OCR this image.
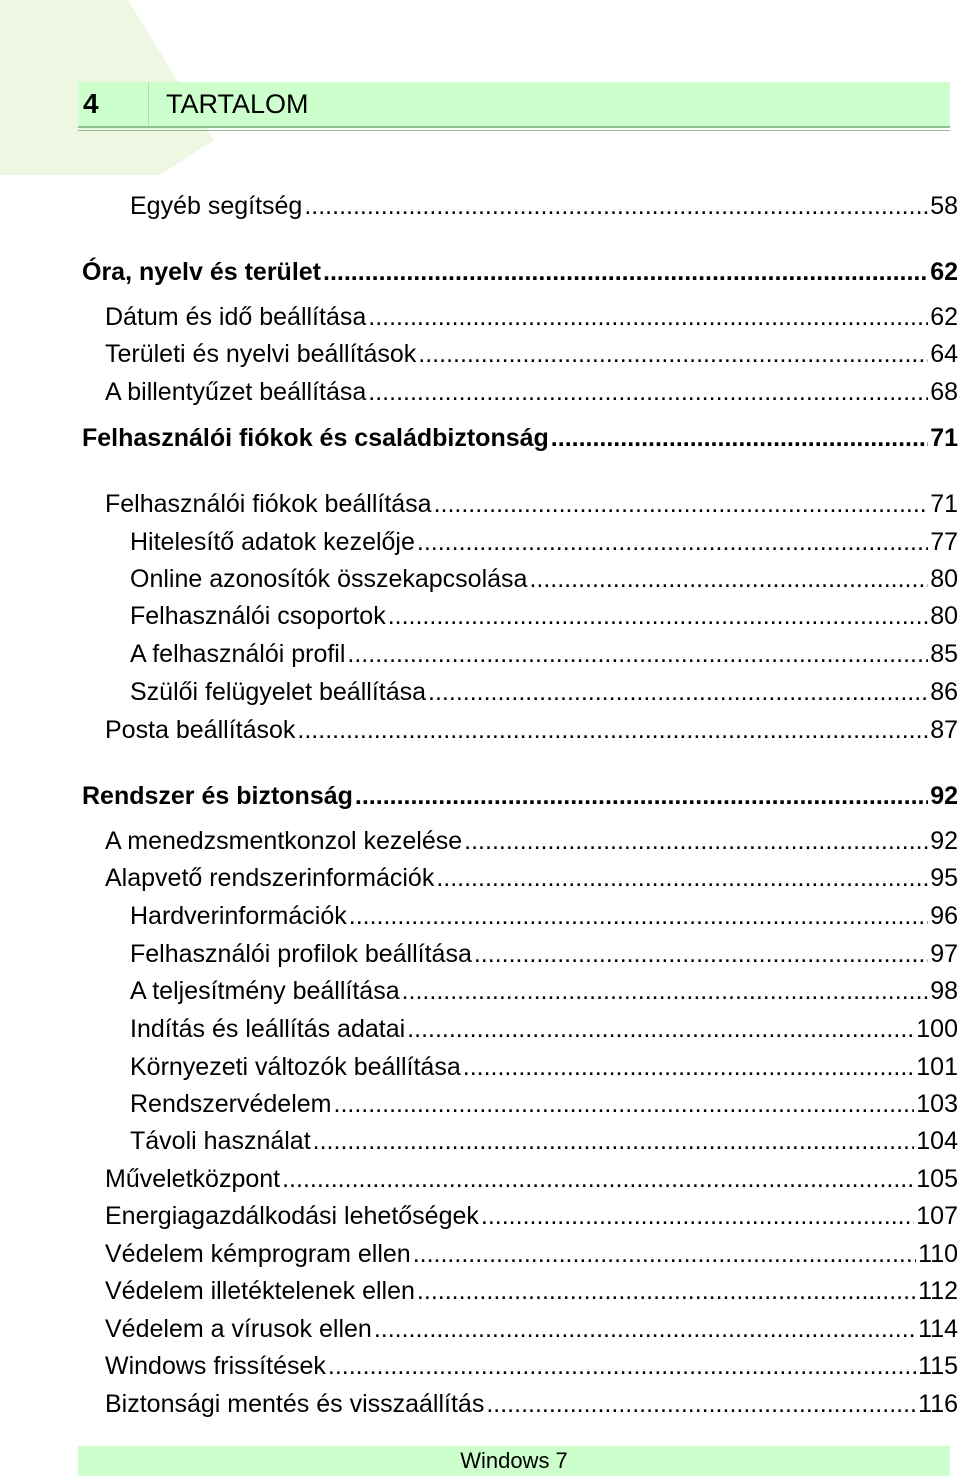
4 TARTALOM
Egyéb segítség .....	58
Óra, nyelv és terület .....	62
Dátum és idő beállítása .....	62
Területi és nyelvi beállítások .....	64
A billentyűzet beállítása .....	68
Felhasználói fiókok és családbiztonság .....	71
Felhasználói fiókok beállítása .....	71
Hitelesítő adatok kezelője .....	77
Online azonosítók összekapcsolása .....	80
Felhasználói csoportok .....	80
A felhasználói profil .....	85
Szülői felügyelet beállítása .....	86
Posta beállítások .....	87
Rendszer és biztonság .....	92
A menedzsmentkonzol kezelése .....	92
Alapvető rendszerinformációk .....	95
Hardverinformációk .....	96
Felhasználói profilok beállítása .....	97
A teljesítmény beállítása .....	98
Indítás és leállítás adatai .....	100
Környezeti változók beállítása .....	101
Rendszervédelem .....	103
Távoli használat .....	104
Műveletközpont .....	105
Energiagazdálkodási lehetőségek .....	107
Védelem kémprogram ellen .....	110
Védelem illetéktelenek ellen .....	112
Védelem a vírusok ellen .....	114
Windows frissítések .....	115
Biztonsági mentés és visszaállítás .....	116
Windows 7
